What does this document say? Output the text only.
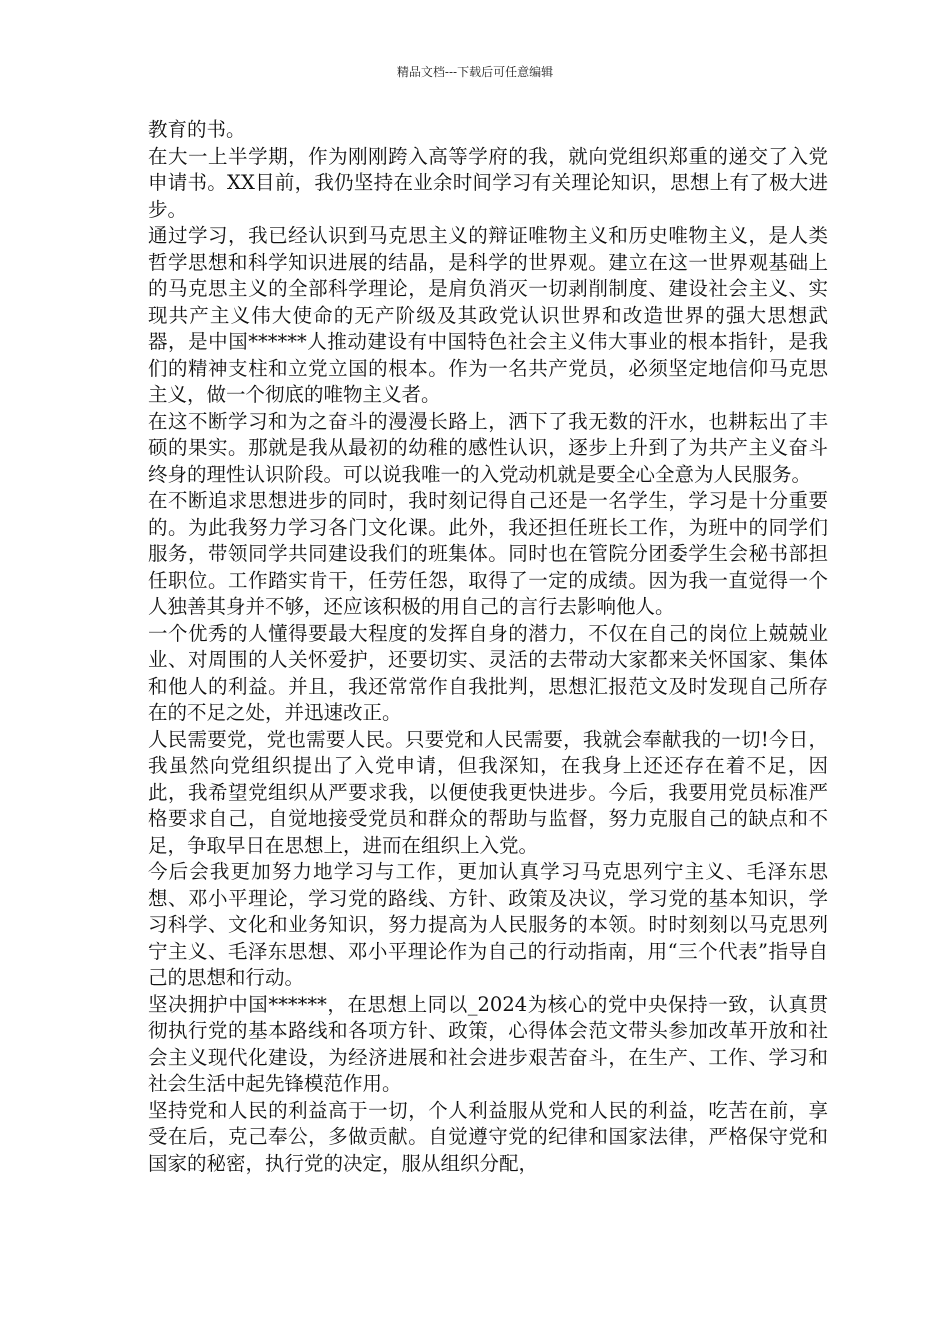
精品文档---下载后可任意编辑

教育的书。

在大一上半学期，作为刚刚跨入高等学府的我，就向党组织郑重的递交了入党申请书。XX目前，我仍坚持在业余时间学习有关理论知识，思想上有了极大进步。

通过学习，我已经认识到马克思主义的辩证唯物主义和历史唯物主义，是人类哲学思想和科学知识进展的结晶，是科学的世界观。建立在这一世界观基础上的马克思主义的全部科学理论，是肩负消灭一切剥削制度、建设社会主义、实现共产主义伟大使命的无产阶级及其政党认识世界和改造世界的强大思想武器，是中国******人推动建设有中国特色社会主义伟大事业的根本指针，是我们的精神支柱和立党立国的根本。作为一名共产党员，必须坚定地信仰马克思主义，做一个彻底的唯物主义者。

在这不断学习和为之奋斗的漫漫长路上，洒下了我无数的汗水，也耕耘出了丰硕的果实。那就是我从最初的幼稚的感性认识，逐步上升到了为共产主义奋斗终身的理性认识阶段。可以说我唯一的入党动机就是要全心全意为人民服务。

在不断追求思想进步的同时，我时刻记得自己还是一名学生，学习是十分重要的。为此我努力学习各门文化课。此外，我还担任班长工作，为班中的同学们服务，带领同学共同建设我们的班集体。同时也在管院分团委学生会秘书部担任职位。工作踏实肯干，任劳任怨，取得了一定的成绩。因为我一直觉得一个人独善其身并不够，还应该积极的用自己的言行去影响他人。

一个优秀的人懂得要最大程度的发挥自身的潜力，不仅在自己的岗位上兢兢业业、对周围的人关怀爱护，还要切实、灵活的去带动大家都来关怀国家、集体和他人的利益。并且，我还常常作自我批判，思想汇报范文及时发现自己所存在的不足之处，并迅速改正。

人民需要党，党也需要人民。只要党和人民需要，我就会奉献我的一切!今日，我虽然向党组织提出了入党申请，但我深知，在我身上还还存在着不足，因此，我希望党组织从严要求我，以便使我更快进步。今后，我要用党员标准严格要求自己，自觉地接受党员和群众的帮助与监督，努力克服自己的缺点和不足，争取早日在思想上，进而在组织上入党。

今后会我更加努力地学习与工作，更加认真学习马克思列宁主义、毛泽东思想、邓小平理论，学习党的路线、方针、政策及决议，学习党的基本知识，学习科学、文化和业务知识，努力提高为人民服务的本领。时时刻刻以马克思列宁主义、毛泽东思想、邓小平理论作为自己的行动指南，用“三个代表”指导自己的思想和行动。

坚决拥护中国******，在思想上同以_2024为核心的党中央保持一致，认真贯彻执行党的基本路线和各项方针、政策，心得体会范文带头参加改革开放和社会主义现代化建设，为经济进展和社会进步艰苦奋斗，在生产、工作、学习和社会生活中起先锋模范作用。

坚持党和人民的利益高于一切，个人利益服从党和人民的利益，吃苦在前，享受在后，克己奉公，多做贡献。自觉遵守党的纪律和国家法律，严格保守党和国家的秘密，执行党的决定，服从组织分配，
